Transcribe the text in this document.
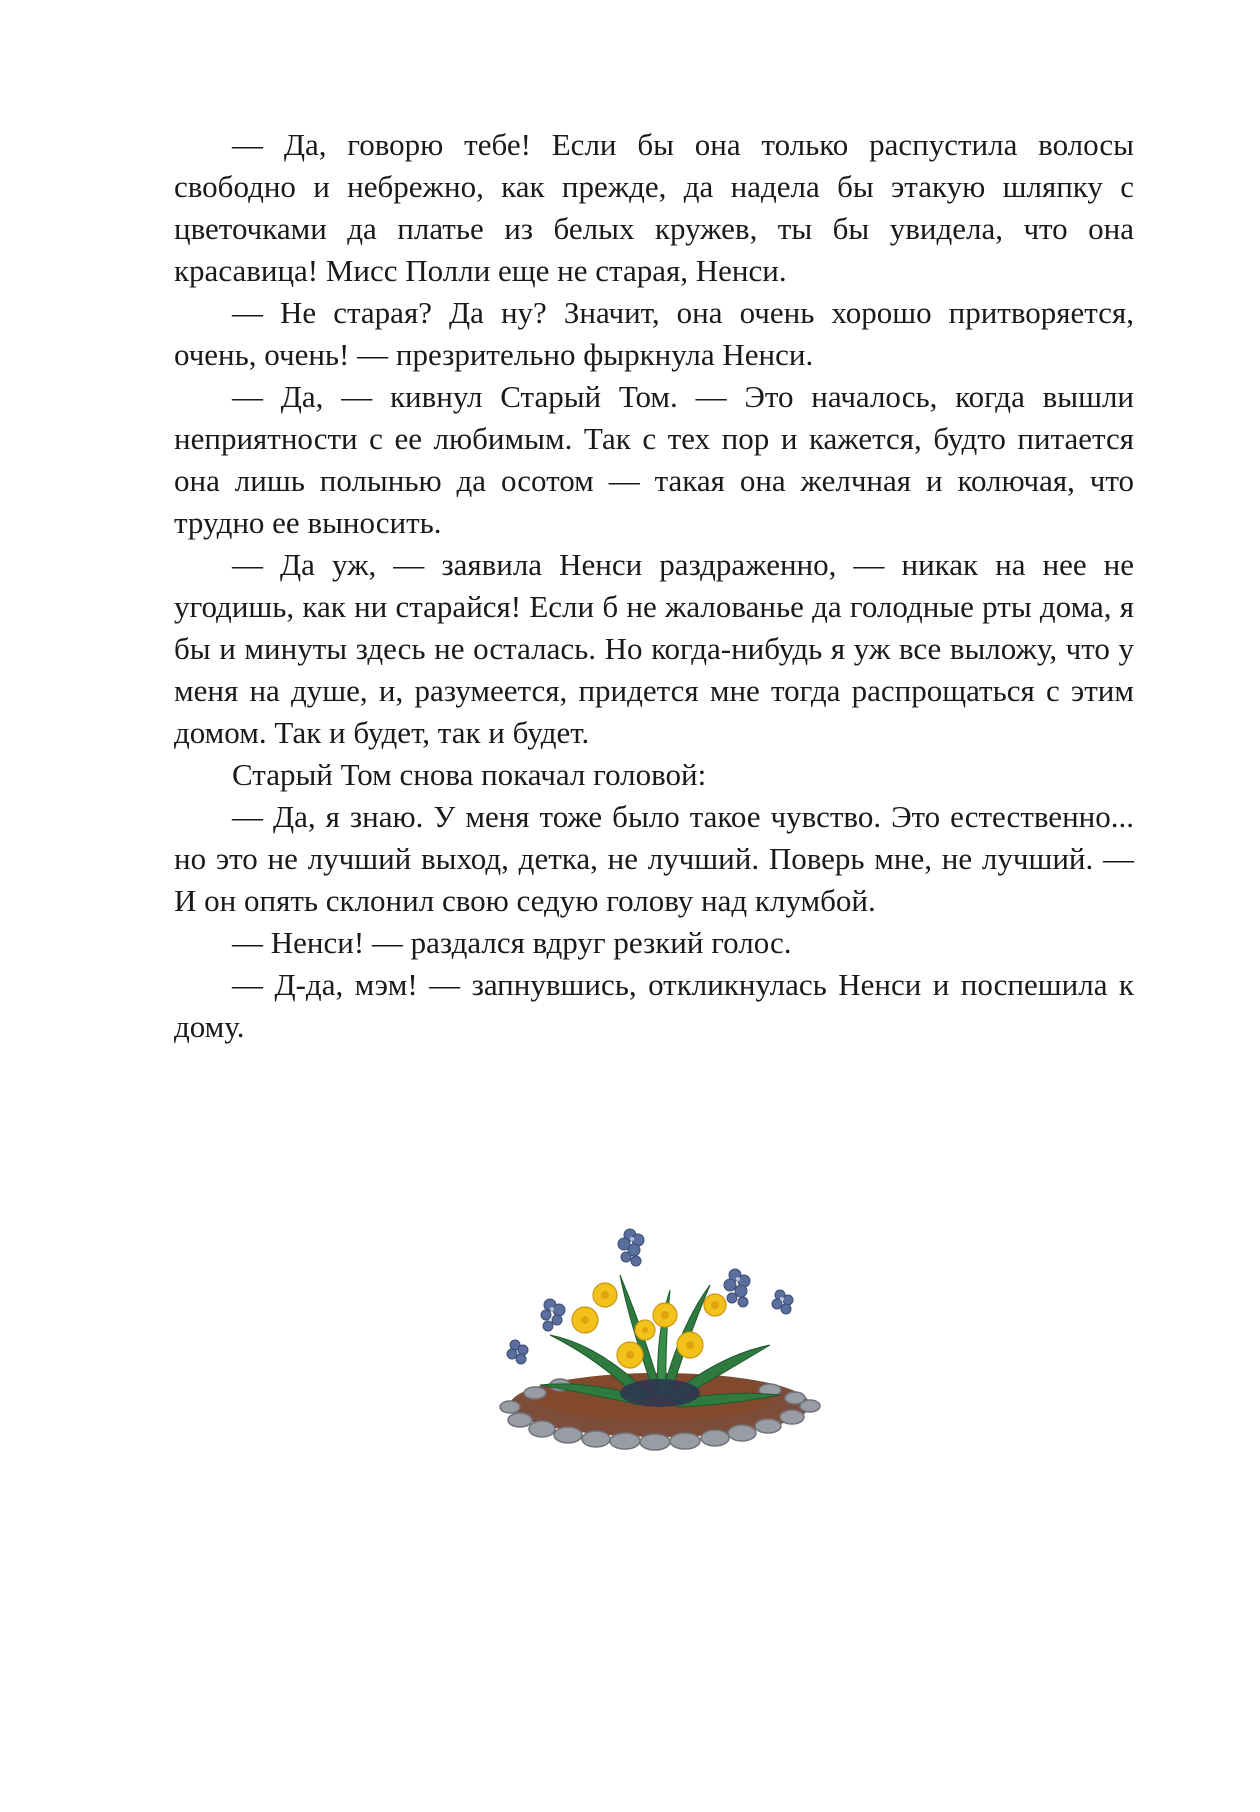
— Да, говорю тебе! Если бы она только распустила волосы свободно и небрежно, как прежде, да надела бы этакую шляпку с цветочками да платье из белых кружев, ты бы увидела, что она красавица! Мисс Полли еще не старая, Ненси.

— Не старая? Да ну? Значит, она очень хорошо притворяется, очень, очень! — презрительно фыркнула Ненси.

— Да, — кивнул Старый Том. — Это началось, когда вышли неприятности с ее любимым. Так с тех пор и кажется, будто питается она лишь полынью да осотом — такая она желчная и колючая, что трудно ее выносить.

— Да уж, — заявила Ненси раздраженно, — никак на нее не угодишь, как ни старайся! Если б не жалованье да голодные рты дома, я бы и минуты здесь не осталась. Но когда-нибудь я уж все выложу, что у меня на душе, и, разумеется, придется мне тогда распрощаться с этим домом. Так и будет, так и будет.

Старый Том снова покачал головой:

— Да, я знаю. У меня тоже было такое чувство. Это естественно... но это не лучший выход, детка, не лучший. Поверь мне, не лучший. — И он опять склонил свою седую голову над клумбой.

— Ненси! — раздался вдруг резкий голос.

— Д-да, мэм! — запнувшись, откликнулась Ненси и поспешила к дому.
